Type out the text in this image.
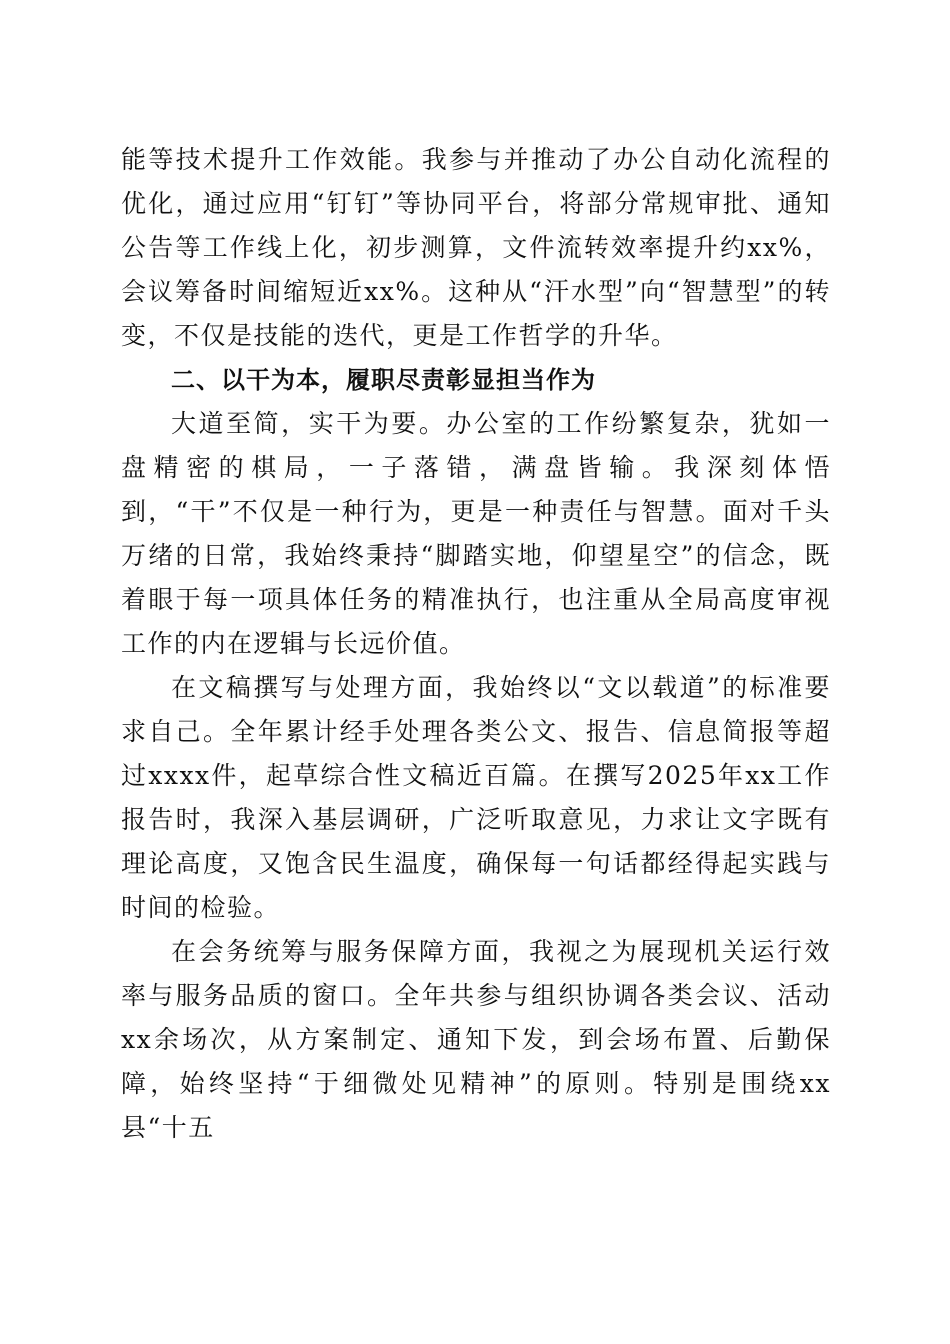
能等技术提升工作效能。我参与并推动了办公自动化流程的优化，通过应用“钉钉”等协同平台，将部分常规审批、通知公告等工作线上化，初步测算，文件流转效率提升约xx%，会议筹备时间缩短近xx%。这种从“汗水型”向“智慧型”的转变，不仅是技能的迭代，更是工作哲学的升华。

二、以干为本，履职尽责彰显担当作为

大道至简，实干为要。办公室的工作纷繁复杂，犹如一盘精密的棋局，一子落错，满盘皆输。我深刻体悟到，“干”不仅是一种行为，更是一种责任与智慧。面对千头万绪的日常，我始终秉持“脚踏实地，仰望星空”的信念，既着眼于每一项具体任务的精准执行，也注重从全局高度审视工作的内在逻辑与长远价值。

在文稿撰写与处理方面，我始终以“文以载道”的标准要求自己。全年累计经手处理各类公文、报告、信息简报等超过xxxx件，起草综合性文稿近百篇。在撰写2025年xx工作报告时，我深入基层调研，广泛听取意见，力求让文字既有理论高度，又饱含民生温度，确保每一句话都经得起实践与时间的检验。

在会务统筹与服务保障方面，我视之为展现机关运行效率与服务品质的窗口。全年共参与组织协调各类会议、活动xx余场次，从方案制定、通知下发，到会场布置、后勤保障，始终坚持“于细微处见精神”的原则。特别是围绕xx县“十五
